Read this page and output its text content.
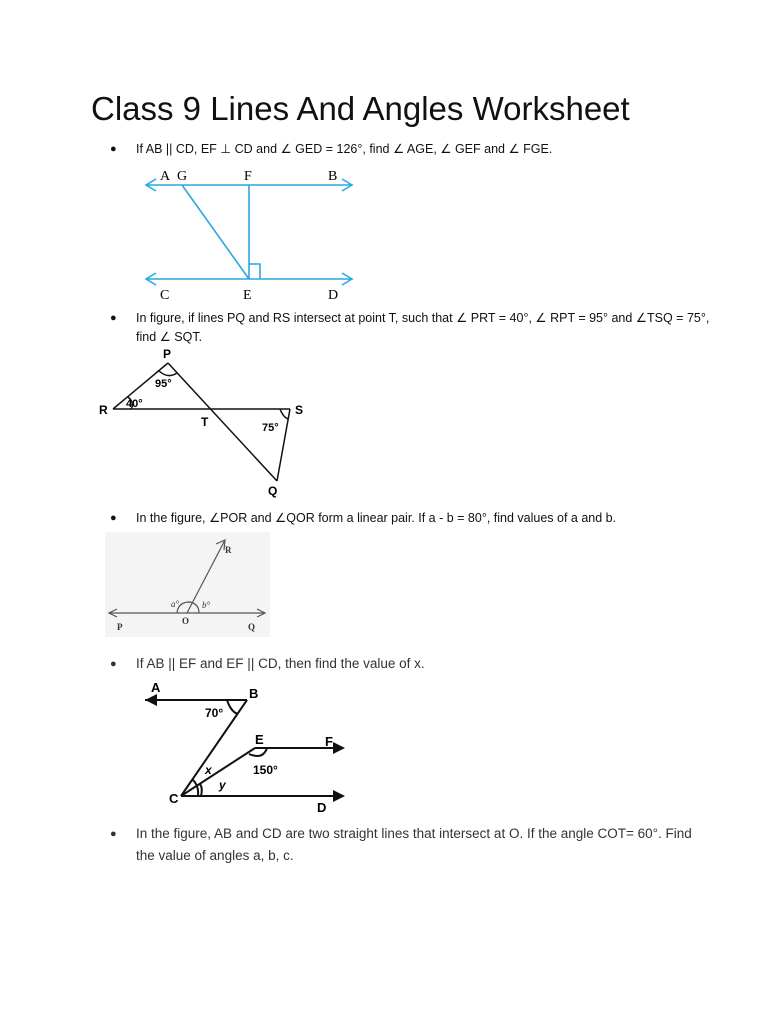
Class 9 Lines And Angles Worksheet
● If AB || CD, EF ⊥ CD and ∠ GED = 126°, find ∠ AGE, ∠ GEF and ∠ FGE.
A G	F	B
C	E	D
● In figure, if lines PQ and RS intersect at point T, such that ∠ PRT = 40°, ∠ RPT = 95° and ∠TSQ = 75°, find ∠ SQT.
P
R
T
S
Q
95°
40°
75°
● In the figure, ∠POR and ∠QOR form a linear pair. If a - b = 80°, find values of a and b.
R
P
O
Q
a°	b°
● If AB || EF and EF || CD, then find the value of x.
A	B
E	F
C
D
70°
150°
x
y
● In the figure, AB and CD are two straight lines that intersect at O. If the angle COT= 60°. Find the value of angles a, b, c.
